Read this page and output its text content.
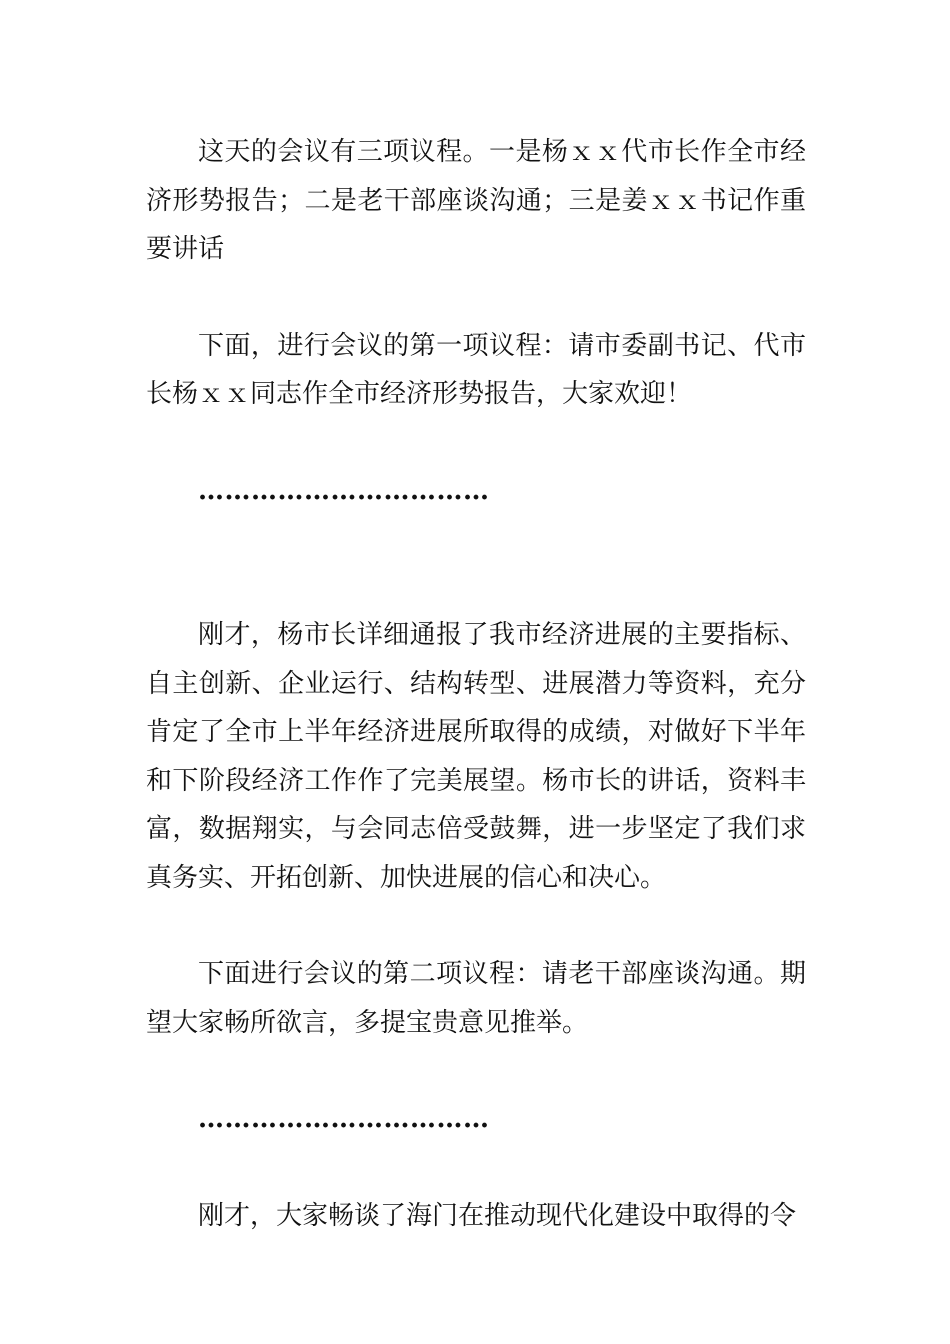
这天的会议有三项议程。一是杨ｘｘ代市长作全市经济形势报告；二是老干部座谈沟通；三是姜ｘｘ书记作重要讲话

下面，进行会议的第一项议程：请市委副书记、代市长杨ｘｘ同志作全市经济形势报告，大家欢迎！

……………………………

刚才，杨市长详细通报了我市经济进展的主要指标、自主创新、企业运行、结构转型、进展潜力等资料，充分肯定了全市上半年经济进展所取得的成绩，对做好下半年和下阶段经济工作作了完美展望。杨市长的讲话，资料丰富，数据翔实，与会同志倍受鼓舞，进一步坚定了我们求真务实、开拓创新、加快进展的信心和决心。

下面进行会议的第二项议程：请老干部座谈沟通。期望大家畅所欲言，多提宝贵意见推举。

……………………………

刚才，大家畅谈了海门在推动现代化建设中取得的令
